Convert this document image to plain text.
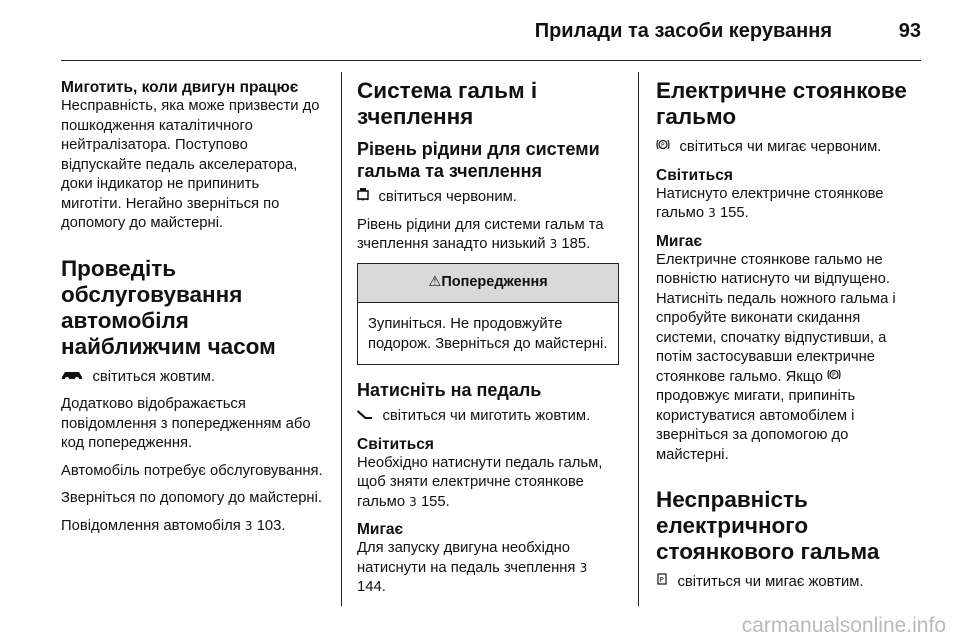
Прилади та засоби керування	93
Миготить, коли двигун працює

Несправність, яка може призвести до пошкодження каталітичного нейтралізатора. Поступово відпускайте педаль акселератора, доки індикатор не припинить миготіти. Негайно зверніться по допомогу до майстерні.

Проведіть обслуговування автомобіля найближчим часом

світиться жовтим.

Додатково відображається повідомлення з попередженням або код попередження.

Автомобіль потребує обслуговування.

Зверніться по допомогу до майстерні.

Повідомлення автомобіля 3 103.

Система гальм і зчеплення
Рівень рідини для системи гальма та зчеплення

світиться червоним.

Рівень рідини для системи гальм та зчеплення занадто низький 3 185.

⚠Попередження
Зупиніться. Не продовжуйте подорож. Зверніться до майстерні.
Натисніть на педаль

світиться чи миготить жовтим.

Світиться

Необхідно натиснути педаль гальм, щоб зняти електричне стоянкове гальмо 3 155.

Мигає

Для запуску двигуна необхідно натиснути на педаль зчеплення 3 144.

Електричне стоянкове гальмо

P світиться чи мигає червоним.

Світиться

Натиснуто електричне стоянкове гальмо 3 155.

Мигає

Електричне стоянкове гальмо не повністю натиснуто чи відпущено. Натисніть педаль ножного гальма і спробуйте виконати скидання системи, спочатку відпустивши, а потім застосувавши електричне стоянкове гальмо. Якщо P
продовжує мигати, припиніть користуватися автомобілем і зверніться за допомогою до майстерні.

Несправність електричного стоянкового гальма

P світиться чи мигає жовтим.

carmanualsonline.info
